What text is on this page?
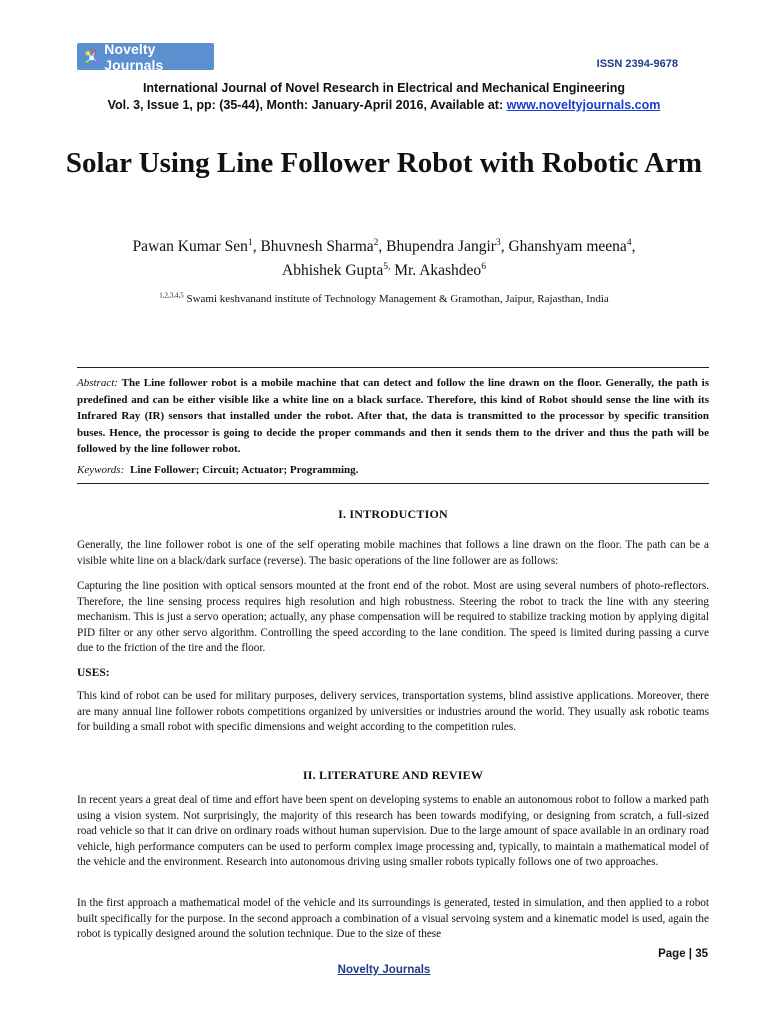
Novelty Journals	ISSN 2394-9678
International Journal of Novel Research in Electrical and Mechanical Engineering
Vol. 3, Issue 1, pp: (35-44), Month: January-April 2016, Available at: www.noveltyjournals.com
Solar Using Line Follower Robot with Robotic Arm
Pawan Kumar Sen$^1$, Bhuvnesh Sharma$^2$, Bhupendra Jangir$^3$, Ghanshyam meena$^4$,
Abhishek Gupta$^{5,}$ Mr. Akashdeo$^6$
$^{1,2,3,4,5}$ Swami keshvanand institute of Technology Management & Gramothan, Jaipur, Rajasthan, India
Abstract: The Line follower robot is a mobile machine that can detect and follow the line drawn on the floor. Generally, the path is predefined and can be either visible like a white line on a black surface. Therefore, this kind of Robot should sense the line with its Infrared Ray (IR) sensors that installed under the robot. After that, the data is transmitted to the processor by specific transition buses. Hence, the processor is going to decide the proper commands and then it sends them to the driver and thus the path will be followed by the line follower robot.
Keywords: Line Follower; Circuit; Actuator; Programming.
I. INTRODUCTION
Generally, the line follower robot is one of the self operating mobile machines that follows a line drawn on the floor. The path can be a visible white line on a black/dark surface (reverse). The basic operations of the line follower are as follows:
Capturing the line position with optical sensors mounted at the front end of the robot. Most are using several numbers of photo-reflectors. Therefore, the line sensing process requires high resolution and high robustness. Steering the robot to track the line with any steering mechanism. This is just a servo operation; actually, any phase compensation will be required to stabilize tracking motion by applying digital PID filter or any other servo algorithm. Controlling the speed according to the lane condition. The speed is limited during passing a curve due to the friction of the tire and the floor.
USES:
This kind of robot can be used for military purposes, delivery services, transportation systems, blind assistive applications. Moreover, there are many annual line follower robots competitions organized by universities or industries around the world. They usually ask robotic teams for building a small robot with specific dimensions and weight according to the competition rules.
II. LITERATURE AND REVIEW
In recent years a great deal of time and effort have been spent on developing systems to enable an autonomous robot to follow a marked path using a vision system. Not surprisingly, the majority of this research has been towards modifying, or designing from scratch, a full-sized road vehicle so that it can drive on ordinary roads without human supervision. Due to the large amount of space available in an ordinary road vehicle, high performance computers can be used to perform complex image processing and, typically, to maintain a mathematical model of the vehicle and the environment. Research into autonomous driving using smaller robots typically follows one of two approaches.
In the first approach a mathematical model of the vehicle and its surroundings is generated, tested in simulation, and then applied to a robot built specifically for the purpose. In the second approach a combination of a visual servoing system and a kinematic model is used, again the robot is typically designed around the solution technique. Due to the size of these
Page | 35
Novelty Journals
